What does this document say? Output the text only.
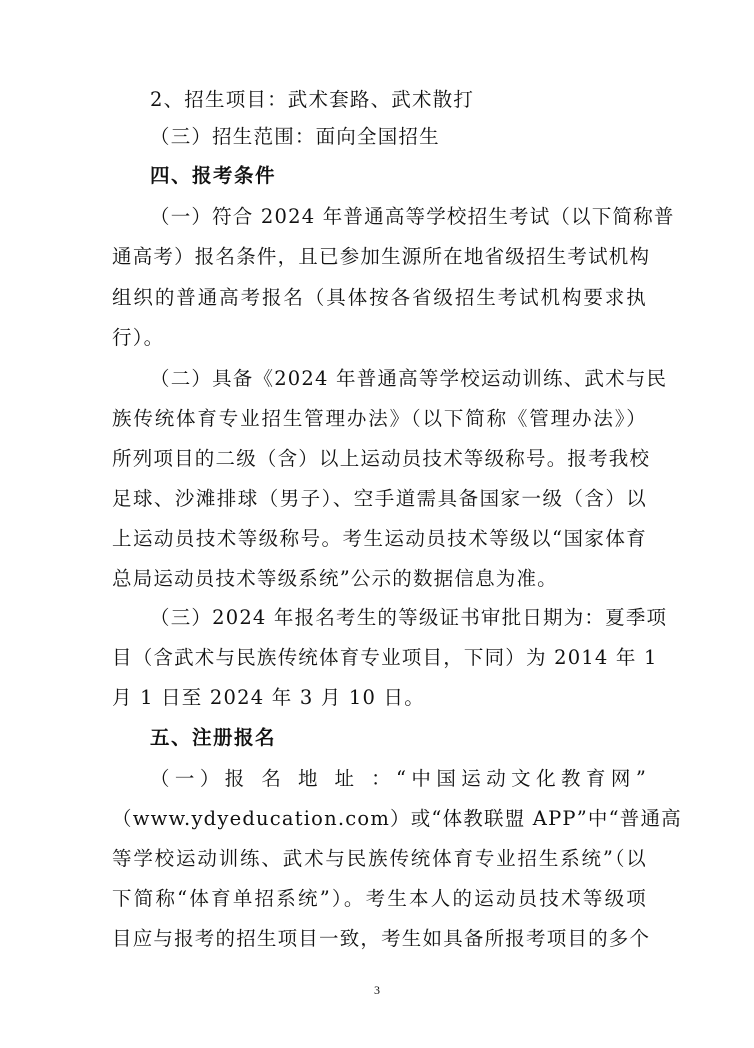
2、招生项目：武术套路、武术散打
（三）招生范围：面向全国招生
四、报考条件
（一）符合 2024 年普通高等学校招生考试（以下简称普
通高考）报名条件，且已参加生源所在地省级招生考试机构
组织的普通高考报名（具体按各省级招生考试机构要求执
行）。
（二）具备《2024 年普通高等学校运动训练、武术与民
族传统体育专业招生管理办法》（以下简称《管理办法》）
所列项目的二级（含）以上运动员技术等级称号。报考我校
足球、沙滩排球（男子）、空手道需具备国家一级（含）以
上运动员技术等级称号。考生运动员技术等级以“国家体育
总局运动员技术等级系统”公示的数据信息为准。
（三）2024 年报名考生的等级证书审批日期为：夏季项
目（含武术与民族传统体育专业项目，下同）为 2014 年 1
月 1 日至 2024 年 3 月 10 日。
五、注册报名
（一）报 名 地 址 ：“中国运动文化教育网”
（www.ydyeducation.com）或“体教联盟 APP”中“普通高
等学校运动训练、武术与民族传统体育专业招生系统”（以
下简称“体育单招系统”）。考生本人的运动员技术等级项
目应与报考的招生项目一致，考生如具备所报考项目的多个
3
